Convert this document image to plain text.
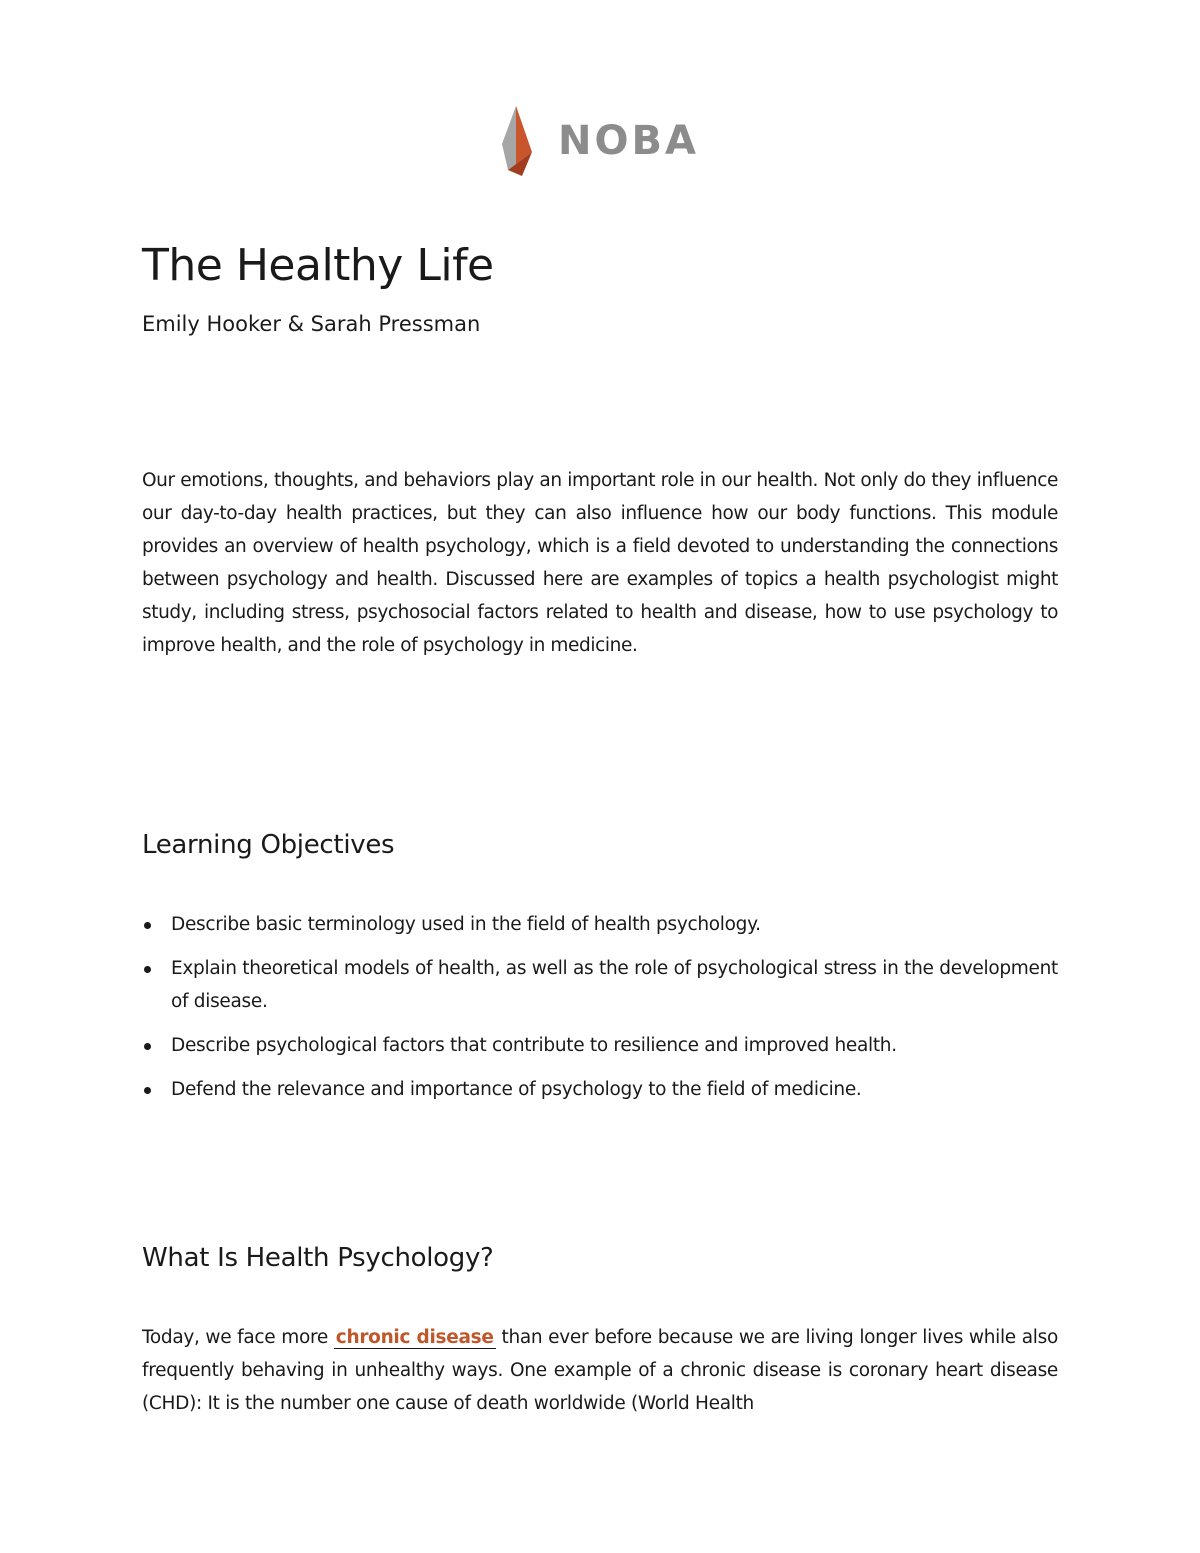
NOBA
The Healthy Life

Emily Hooker & Sarah Pressman

Our emotions, thoughts, and behaviors play an important role in our health. Not only do they influence our day-to-day health practices, but they can also influence how our body functions. This module provides an overview of health psychology, which is a field devoted to understanding the connections between psychology and health. Discussed here are examples of topics a health psychologist might study, including stress, psychosocial factors related to health and disease, how to use psychology to improve health, and the role of psychology in medicine.

Learning Objectives
Describe basic terminology used in the field of health psychology.
Explain theoretical models of health, as well as the role of psychological stress in the development of disease.
Describe psychological factors that contribute to resilience and improved health.
Defend the relevance and importance of psychology to the field of medicine.
What Is Health Psychology?

Today, we face more chronic disease than ever before because we are living longer lives while also frequently behaving in unhealthy ways. One example of a chronic disease is coronary heart disease (CHD): It is the number one cause of death worldwide (World Health
